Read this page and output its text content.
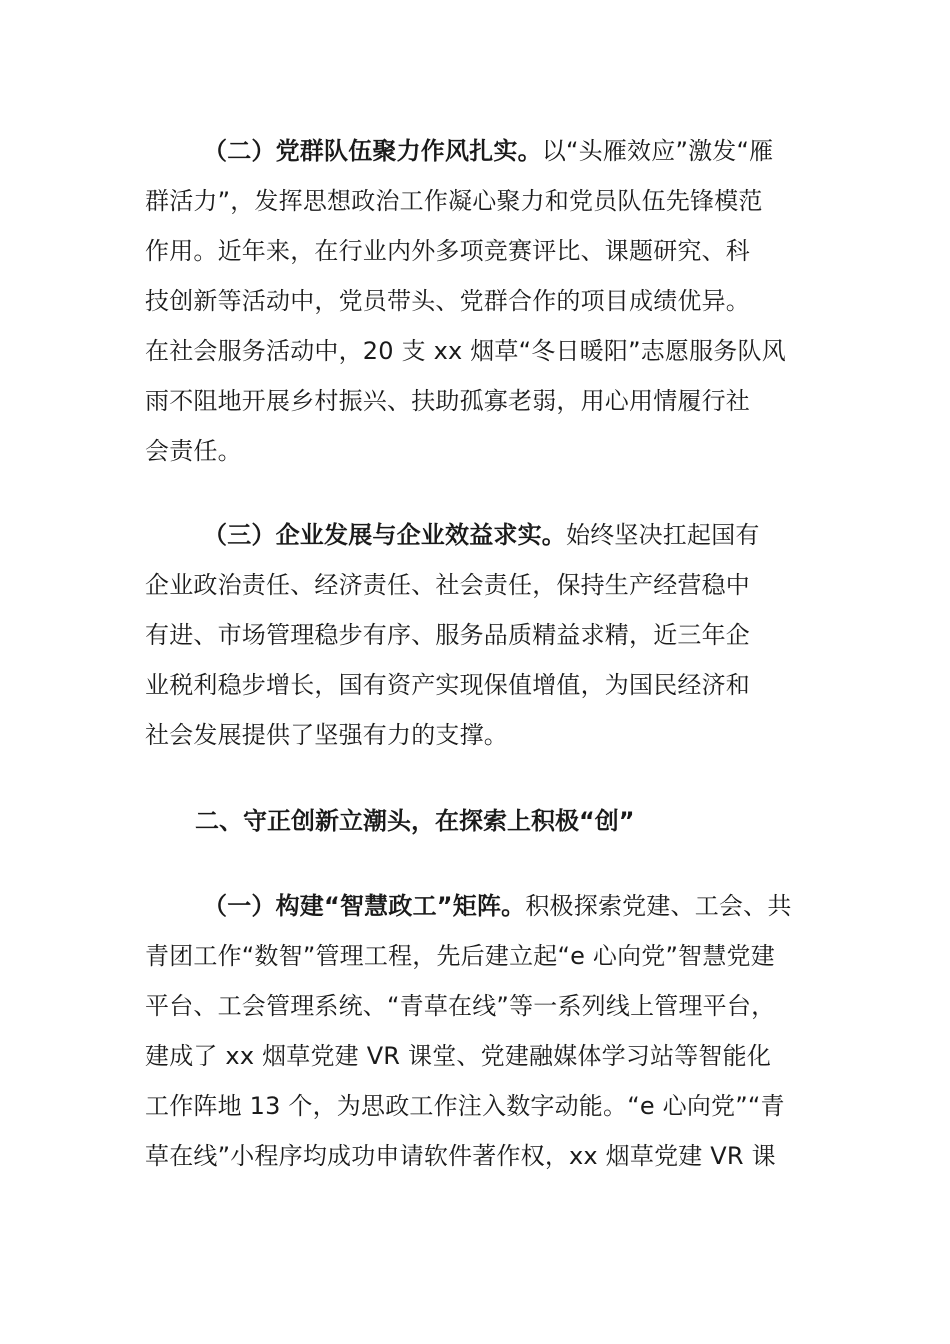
（二）党群队伍聚力作风扎实。以“头雁效应”激发“雁
群活力”，发挥思想政治工作凝心聚力和党员队伍先锋模范
作用。近年来，在行业内外多项竞赛评比、课题研究、科
技创新等活动中，党员带头、党群合作的项目成绩优异。
在社会服务活动中，20 支 xx 烟草“冬日暖阳”志愿服务队风
雨不阻地开展乡村振兴、扶助孤寡老弱，用心用情履行社
会责任。
（三）企业发展与企业效益求实。始终坚决扛起国有
企业政治责任、经济责任、社会责任，保持生产经营稳中
有进、市场管理稳步有序、服务品质精益求精，近三年企
业税利稳步增长，国有资产实现保值增值，为国民经济和
社会发展提供了坚强有力的支撑。
二、守正创新立潮头，在探索上积极“创”
（一）构建“智慧政工”矩阵。积极探索党建、工会、共
青团工作“数智”管理工程，先后建立起“e 心向党”智慧党建
平台、工会管理系统、“青草在线”等一系列线上管理平台，
建成了 xx 烟草党建 VR 课堂、党建融媒体学习站等智能化
工作阵地 13 个，为思政工作注入数字动能。“e 心向党”“青
草在线”小程序均成功申请软件著作权，xx 烟草党建 VR 课
